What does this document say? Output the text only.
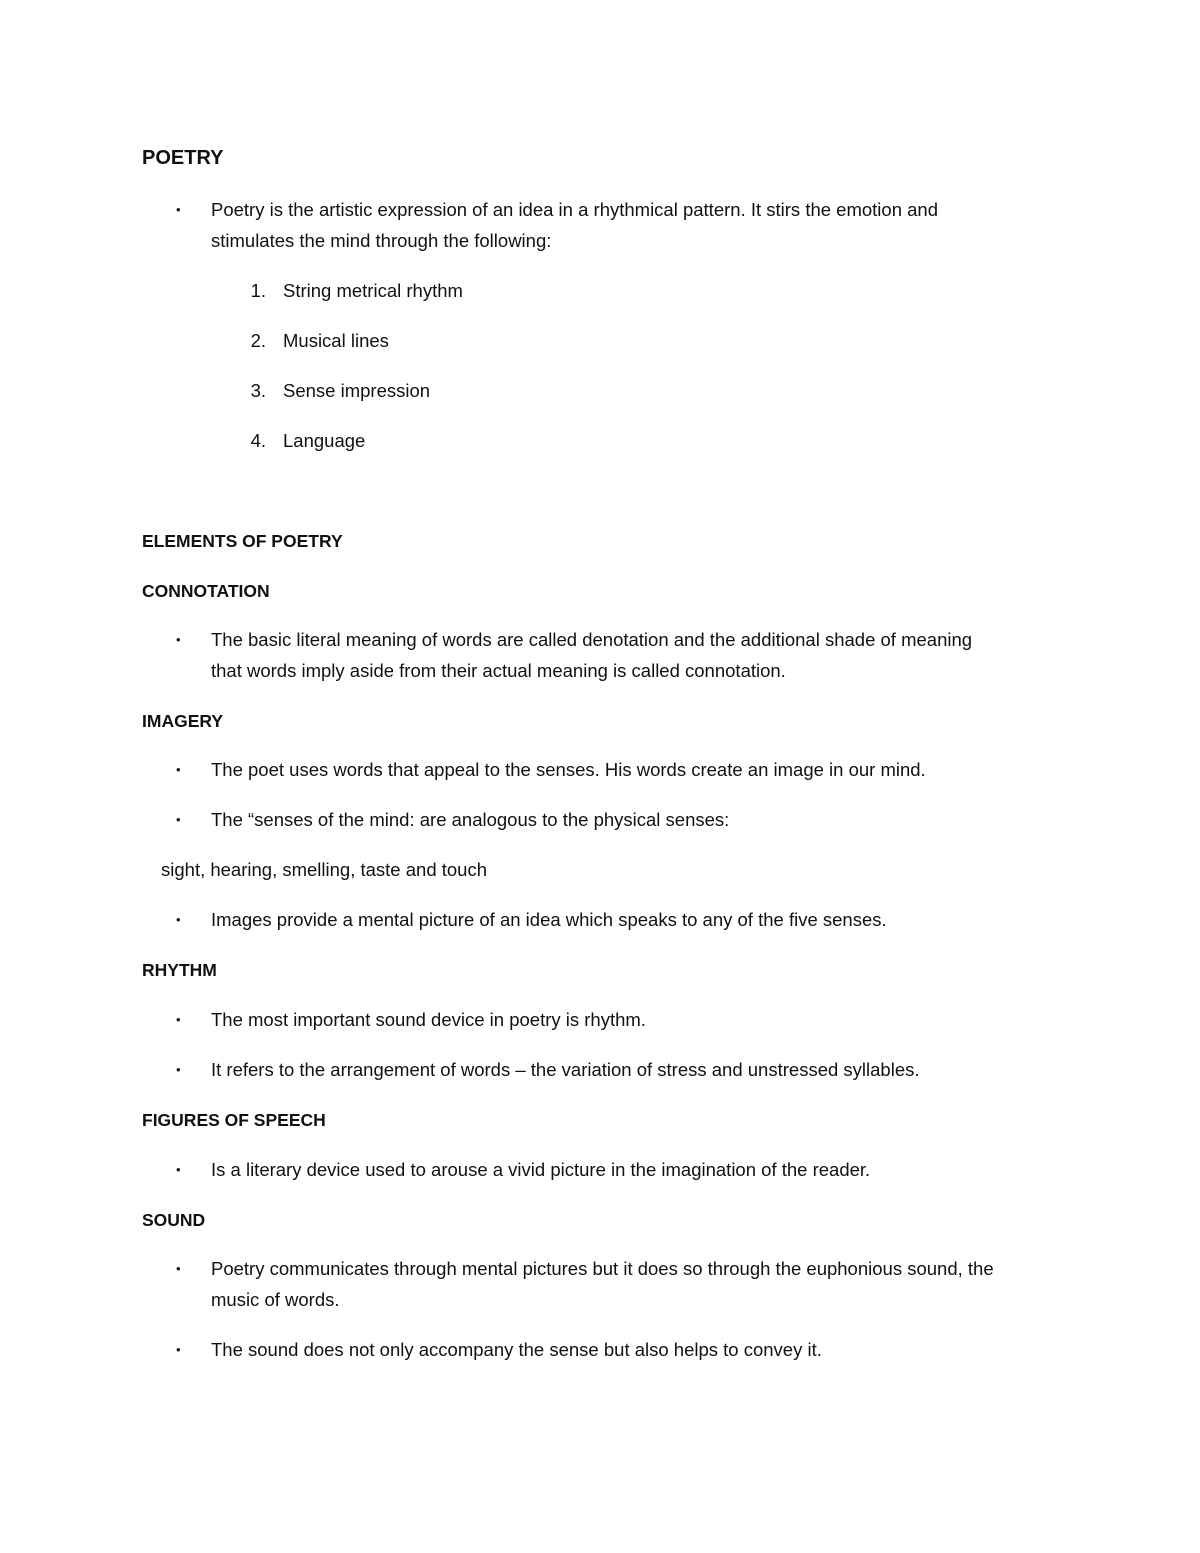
POETRY
• Poetry is the artistic expression of an idea in a rhythmical pattern. It stirs the emotion and
stimulates the mind through the following:
1. String metrical rhythm
2. Musical lines
3. Sense impression
4. Language
ELEMENTS OF POETRY
CONNOTATION
• The basic literal meaning of words are called denotation and the additional shade of meaning
that words imply aside from their actual meaning is called connotation.
IMAGERY
• The poet uses words that appeal to the senses. His words create an image in our mind.
• The “senses of the mind: are analogous to the physical senses:
sight, hearing, smelling, taste and touch
• Images provide a mental picture of an idea which speaks to any of the five senses.
RHYTHM
• The most important sound device in poetry is rhythm.
• It refers to the arrangement of words – the variation of stress and unstressed syllables.
FIGURES OF SPEECH
• Is a literary device used to arouse a vivid picture in the imagination of the reader.
SOUND
• Poetry communicates through mental pictures but it does so through the euphonious sound, the
music of words.
• The sound does not only accompany the sense but also helps to convey it.
